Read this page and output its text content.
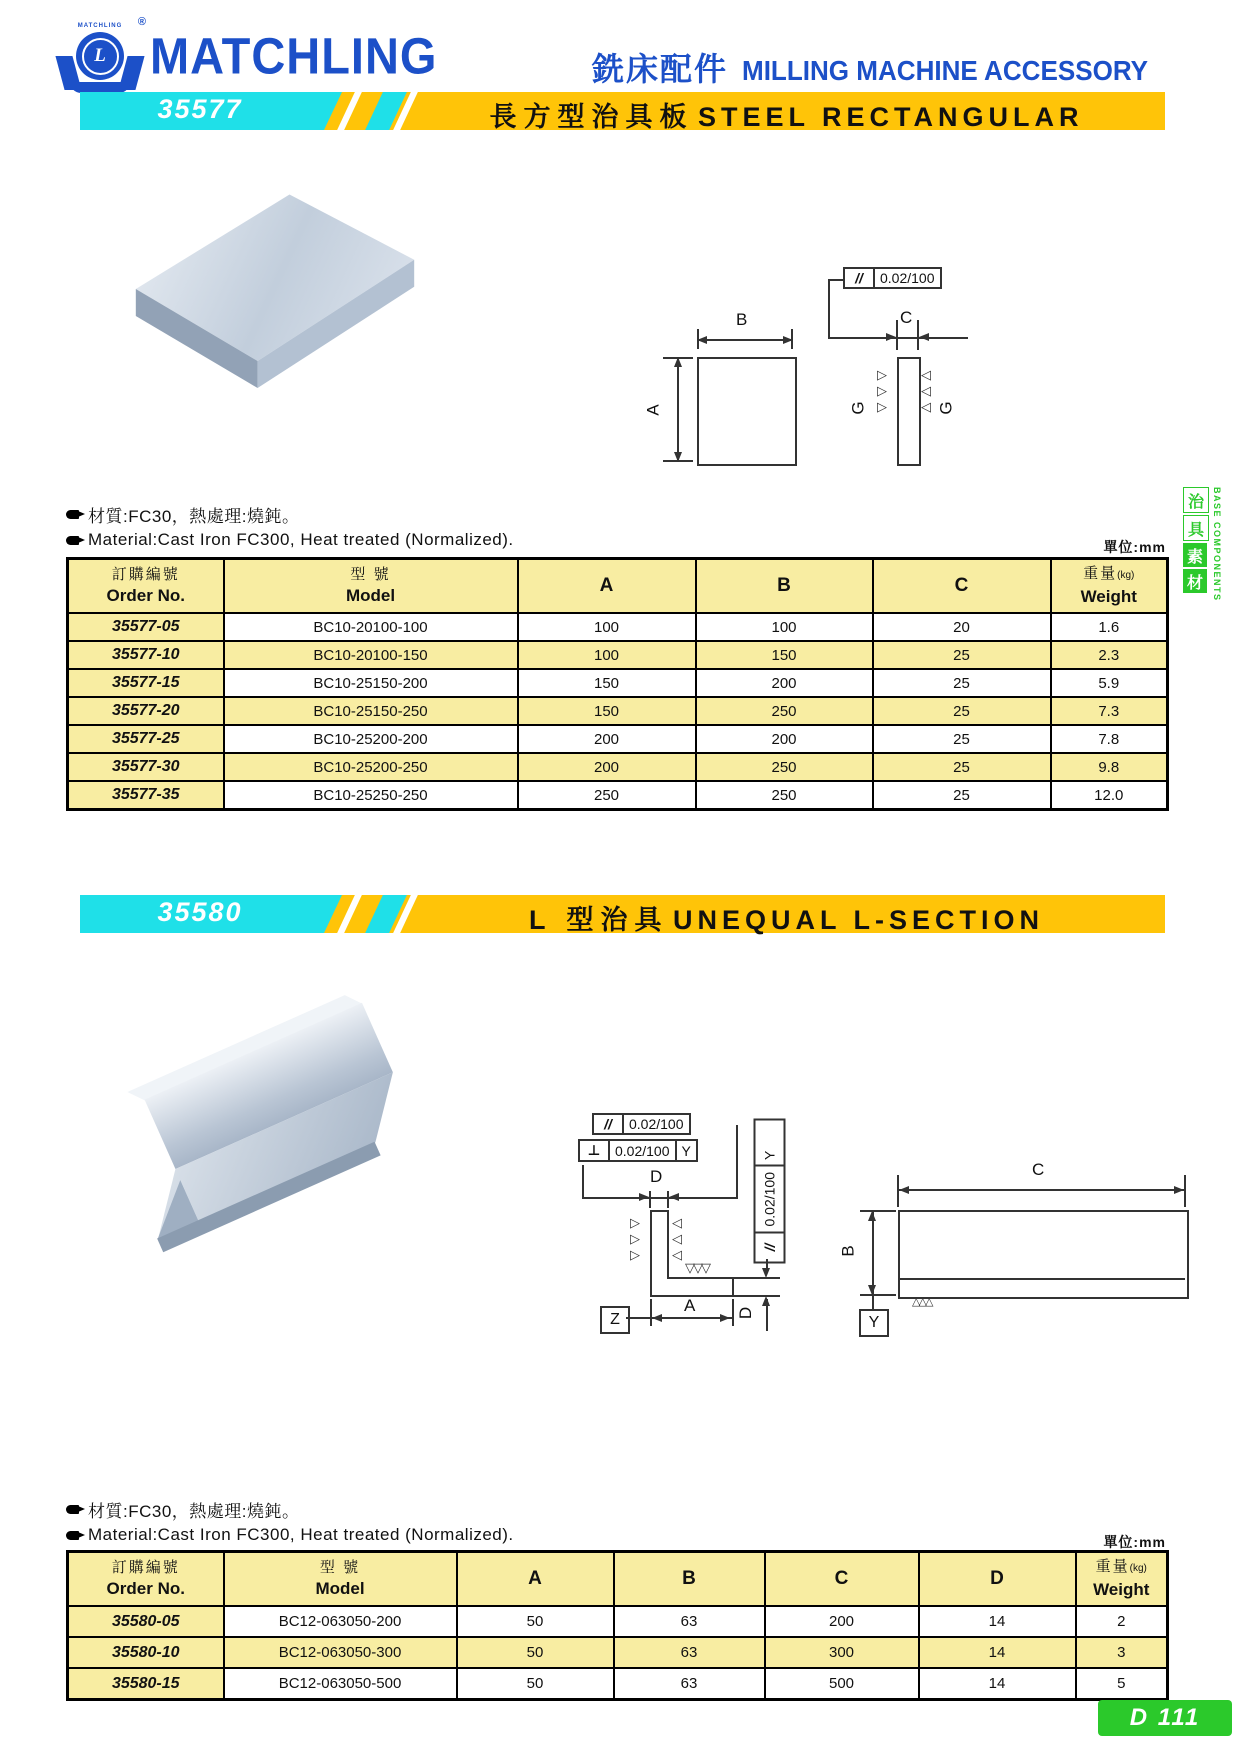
MATCHLING
L
®
MATCHLING	銑床配件 MILLING MACHINE ACCESSORY
35577	長方型治具板 STEEL RECTANGULAR
//	0.02/100
B
A
C
▷
▷
▷
◁
◁
◁
G	G
材質:FC30，熱處理:燒鈍。
Material:Cast Iron FC300, Heat treated (Normalized).	單位:mm
訂購編號
Order No.	型 號
Model	A	B	C	重量(kg)
Weight

35577-05	BC10-20100-100	100	100	20	1.6
35577-10	BC10-20100-150	100	150	25	2.3
35577-15	BC10-25150-200	150	200	25	5.9
35577-20	BC10-25150-250	150	250	25	7.3
35577-25	BC10-25200-200	200	200	25	7.8
35577-30	BC10-25200-250	200	250	25	9.8
35577-35	BC10-25250-250	250	250	25	12.0
35580	L 型治具 UNEQUAL L-SECTION
//	0.02/100
⊥	0.02/100 Y
D
▷
▷
▷
◁
◁
◁
▽ ▽ ▽
A
Z
//
0.02/100
Y
D
C
B
Y
△ △ △
材質:FC30，熱處理:燒鈍。
Material:Cast Iron FC300, Heat treated (Normalized).	單位:mm
訂購編號
Order No.	型 號
Model	A	B	C	D	重量(kg)
Weight

35580-05	BC12-063050-200	50	63	200	14	2
35580-10	BC12-063050-300	50	63	300	14	3
35580-15	BC12-063050-500	50	63	500	14	5
治
具
素
材	BASE COMPONENTS
D 111
